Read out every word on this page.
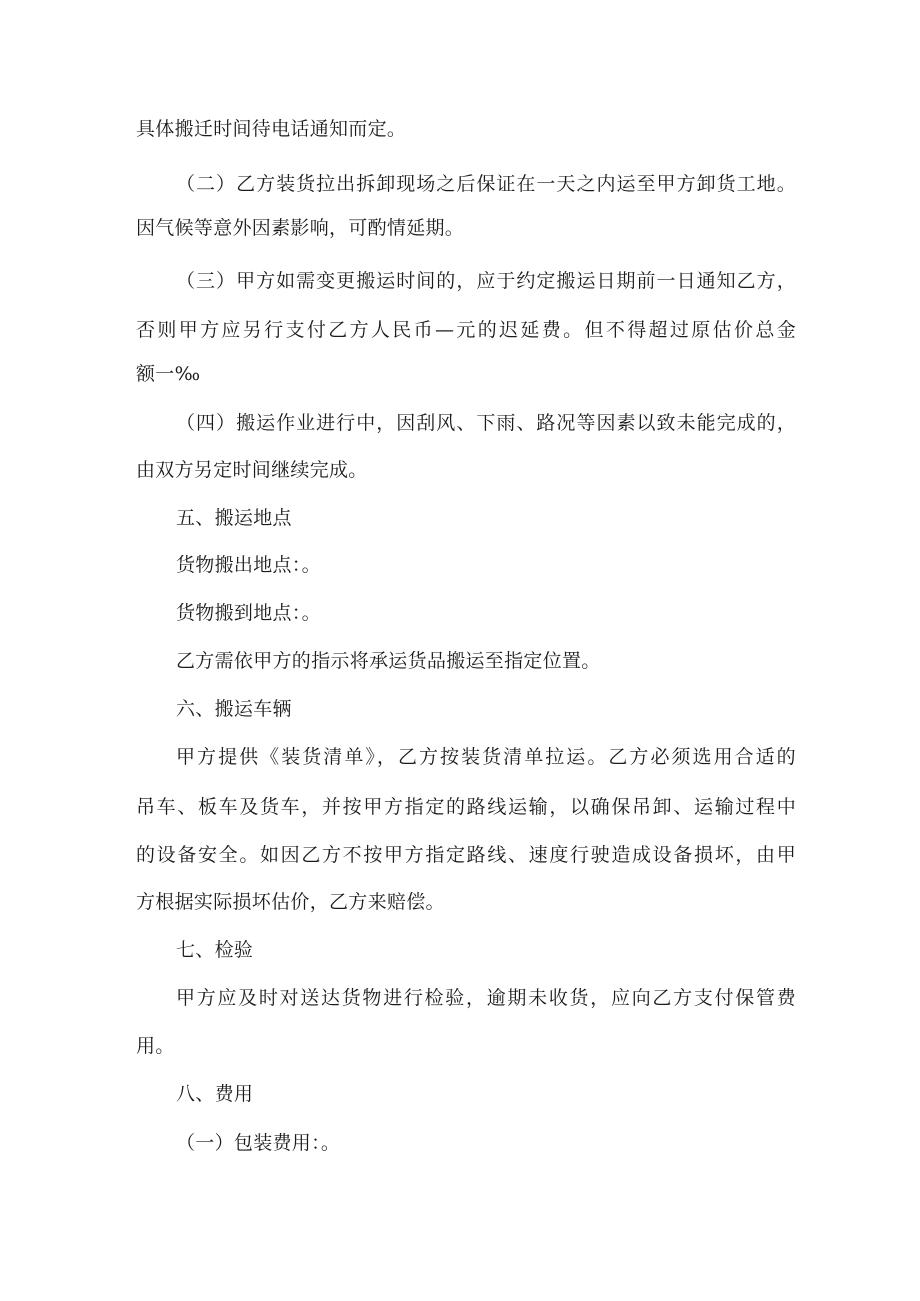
具体搬迁时间待电话通知而定。
（二）乙方装货拉出拆卸现场之后保证在一天之内运至甲方卸货工地。
因气候等意外因素影响，可酌情延期。
（三）甲方如需变更搬运时间的，应于约定搬运日期前一日通知乙方，
否则甲方应另行支付乙方人民币—元的迟延费。但不得超过原估价总金
额一‰
（四）搬运作业进行中，因刮风、下雨、路况等因素以致未能完成的，
由双方另定时间继续完成。
五、搬运地点
货物搬出地点：。
货物搬到地点：。
乙方需依甲方的指示将承运货品搬运至指定位置。
六、搬运车辆
甲方提供《装货清单》，乙方按装货清单拉运。乙方必须选用合适的
吊车、板车及货车，并按甲方指定的路线运输，以确保吊卸、运输过程中
的设备安全。如因乙方不按甲方指定路线、速度行驶造成设备损坏，由甲
方根据实际损坏估价，乙方来赔偿。
七、检验
甲方应及时对送达货物进行检验，逾期未收货，应向乙方支付保管费
用。
八、费用
（一）包装费用：。
